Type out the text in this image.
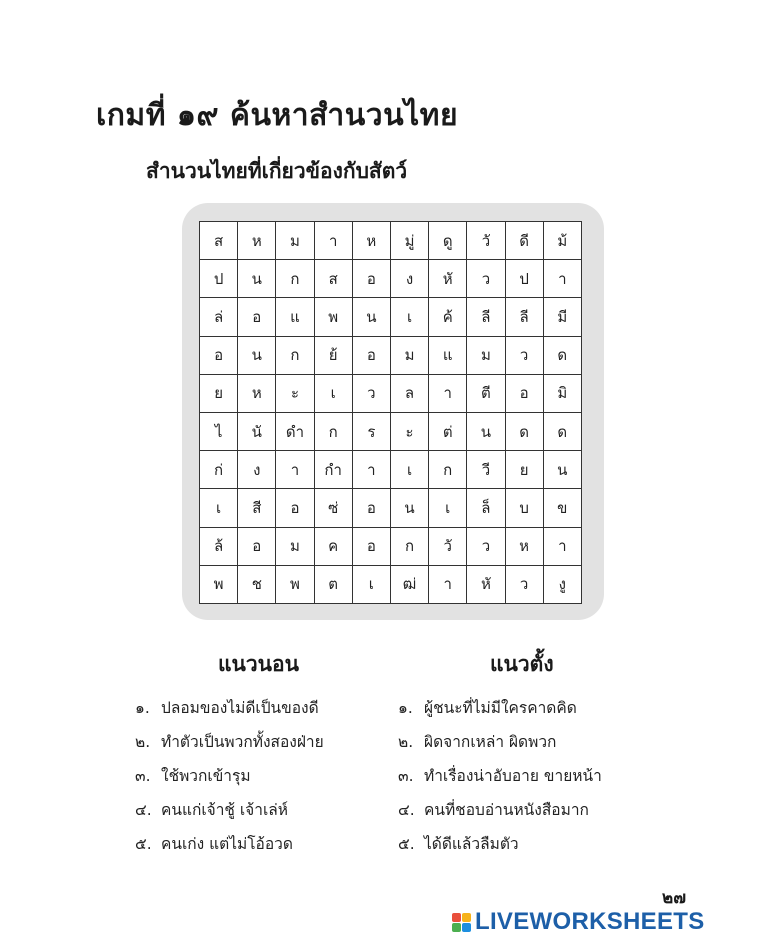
เกมที่ ๑๙ ค้นหาสำนวนไทย
สำนวนไทยที่เกี่ยวข้องกับสัตว์
ส	ห	ม	า	ห	มู่	ดู	วั	ดี	ม้
ป	น	ก	ส	อ	ง	หั	ว	ป	า
ล่	อ	แ	พ	น	เ	ค้	ลี	ลี	มี
อ	น	ก	ย้	อ	ม	แ	ม	ว	ด
ย	ห	ะ	เ	ว	ล	า	ตี	อ	มิ
ไ	นั	ดำ	ก	ร	ะ	ต่	น	ด	ด
ก่	ง	า	กำ	า	เ	ก	วี	ย	น
เ	สี	อ	ซ่	อ	น	เ	ล็	บ	ข
ล้	อ	ม	ค	อ	ก	วั	ว	ห	า
พ	ช	พ	ต	เ	ฒ่	า	หั	ว	งู
แนวนอน
๑. ปลอมของไม่ดีเป็นของดี
๒. ทำตัวเป็นพวกทั้งสองฝ่าย
๓. ใช้พวกเข้ารุม
๔. คนแก่เจ้าชู้ เจ้าเล่ห์
๕. คนเก่ง แต่ไม่โอ้อวด
แนวตั้ง
๑. ผู้ชนะที่ไม่มีใครคาดคิด
๒. ผิดจากเหล่า ผิดพวก
๓. ทำเรื่องน่าอับอาย ขายหน้า
๔. คนที่ชอบอ่านหนังสือมาก
๕. ได้ดีแล้วลืมตัว
๒๗
LIVEWORKSHEETS
